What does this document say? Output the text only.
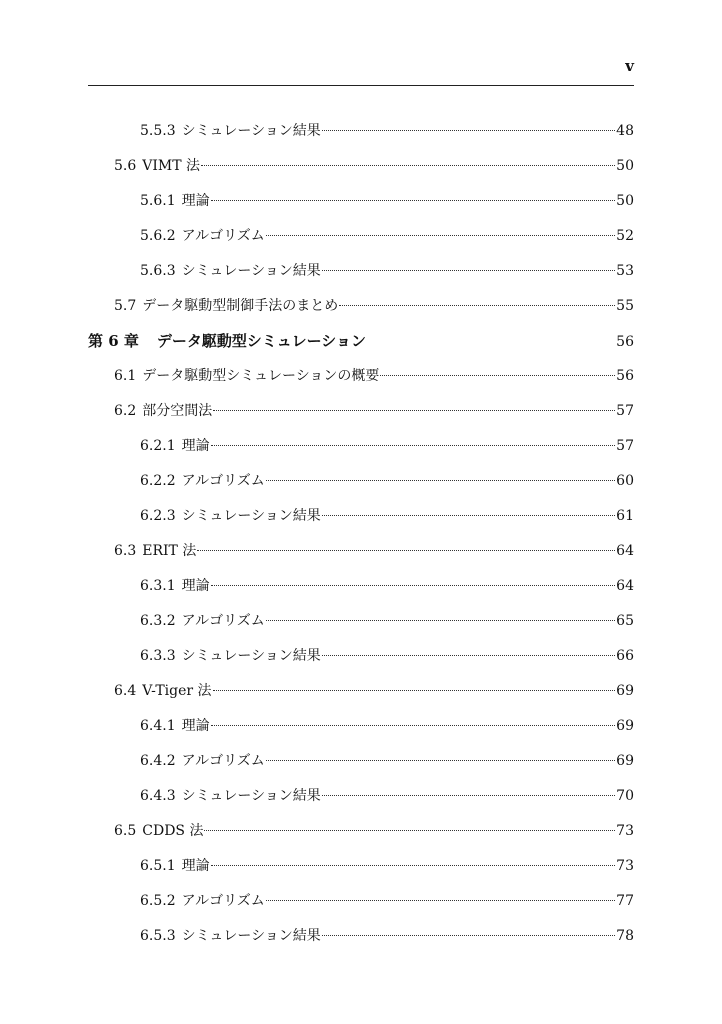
v
5.5.3 シミュレーション結果	48
5.6 VIMT 法	50
5.6.1 理論	50
5.6.2 アルゴリズム	52
5.6.3 シミュレーション結果	53
5.7 データ駆動型制御手法のまとめ	55
第 6 章 データ駆動型シミュレーション	56
6.1 データ駆動型シミュレーションの概要	56
6.2 部分空間法	57
6.2.1 理論	57
6.2.2 アルゴリズム	60
6.2.3 シミュレーション結果	61
6.3 ERIT 法	64
6.3.1 理論	64
6.3.2 アルゴリズム	65
6.3.3 シミュレーション結果	66
6.4 V-Tiger 法	69
6.4.1 理論	69
6.4.2 アルゴリズム	69
6.4.3 シミュレーション結果	70
6.5 CDDS 法	73
6.5.1 理論	73
6.5.2 アルゴリズム	77
6.5.3 シミュレーション結果	78
